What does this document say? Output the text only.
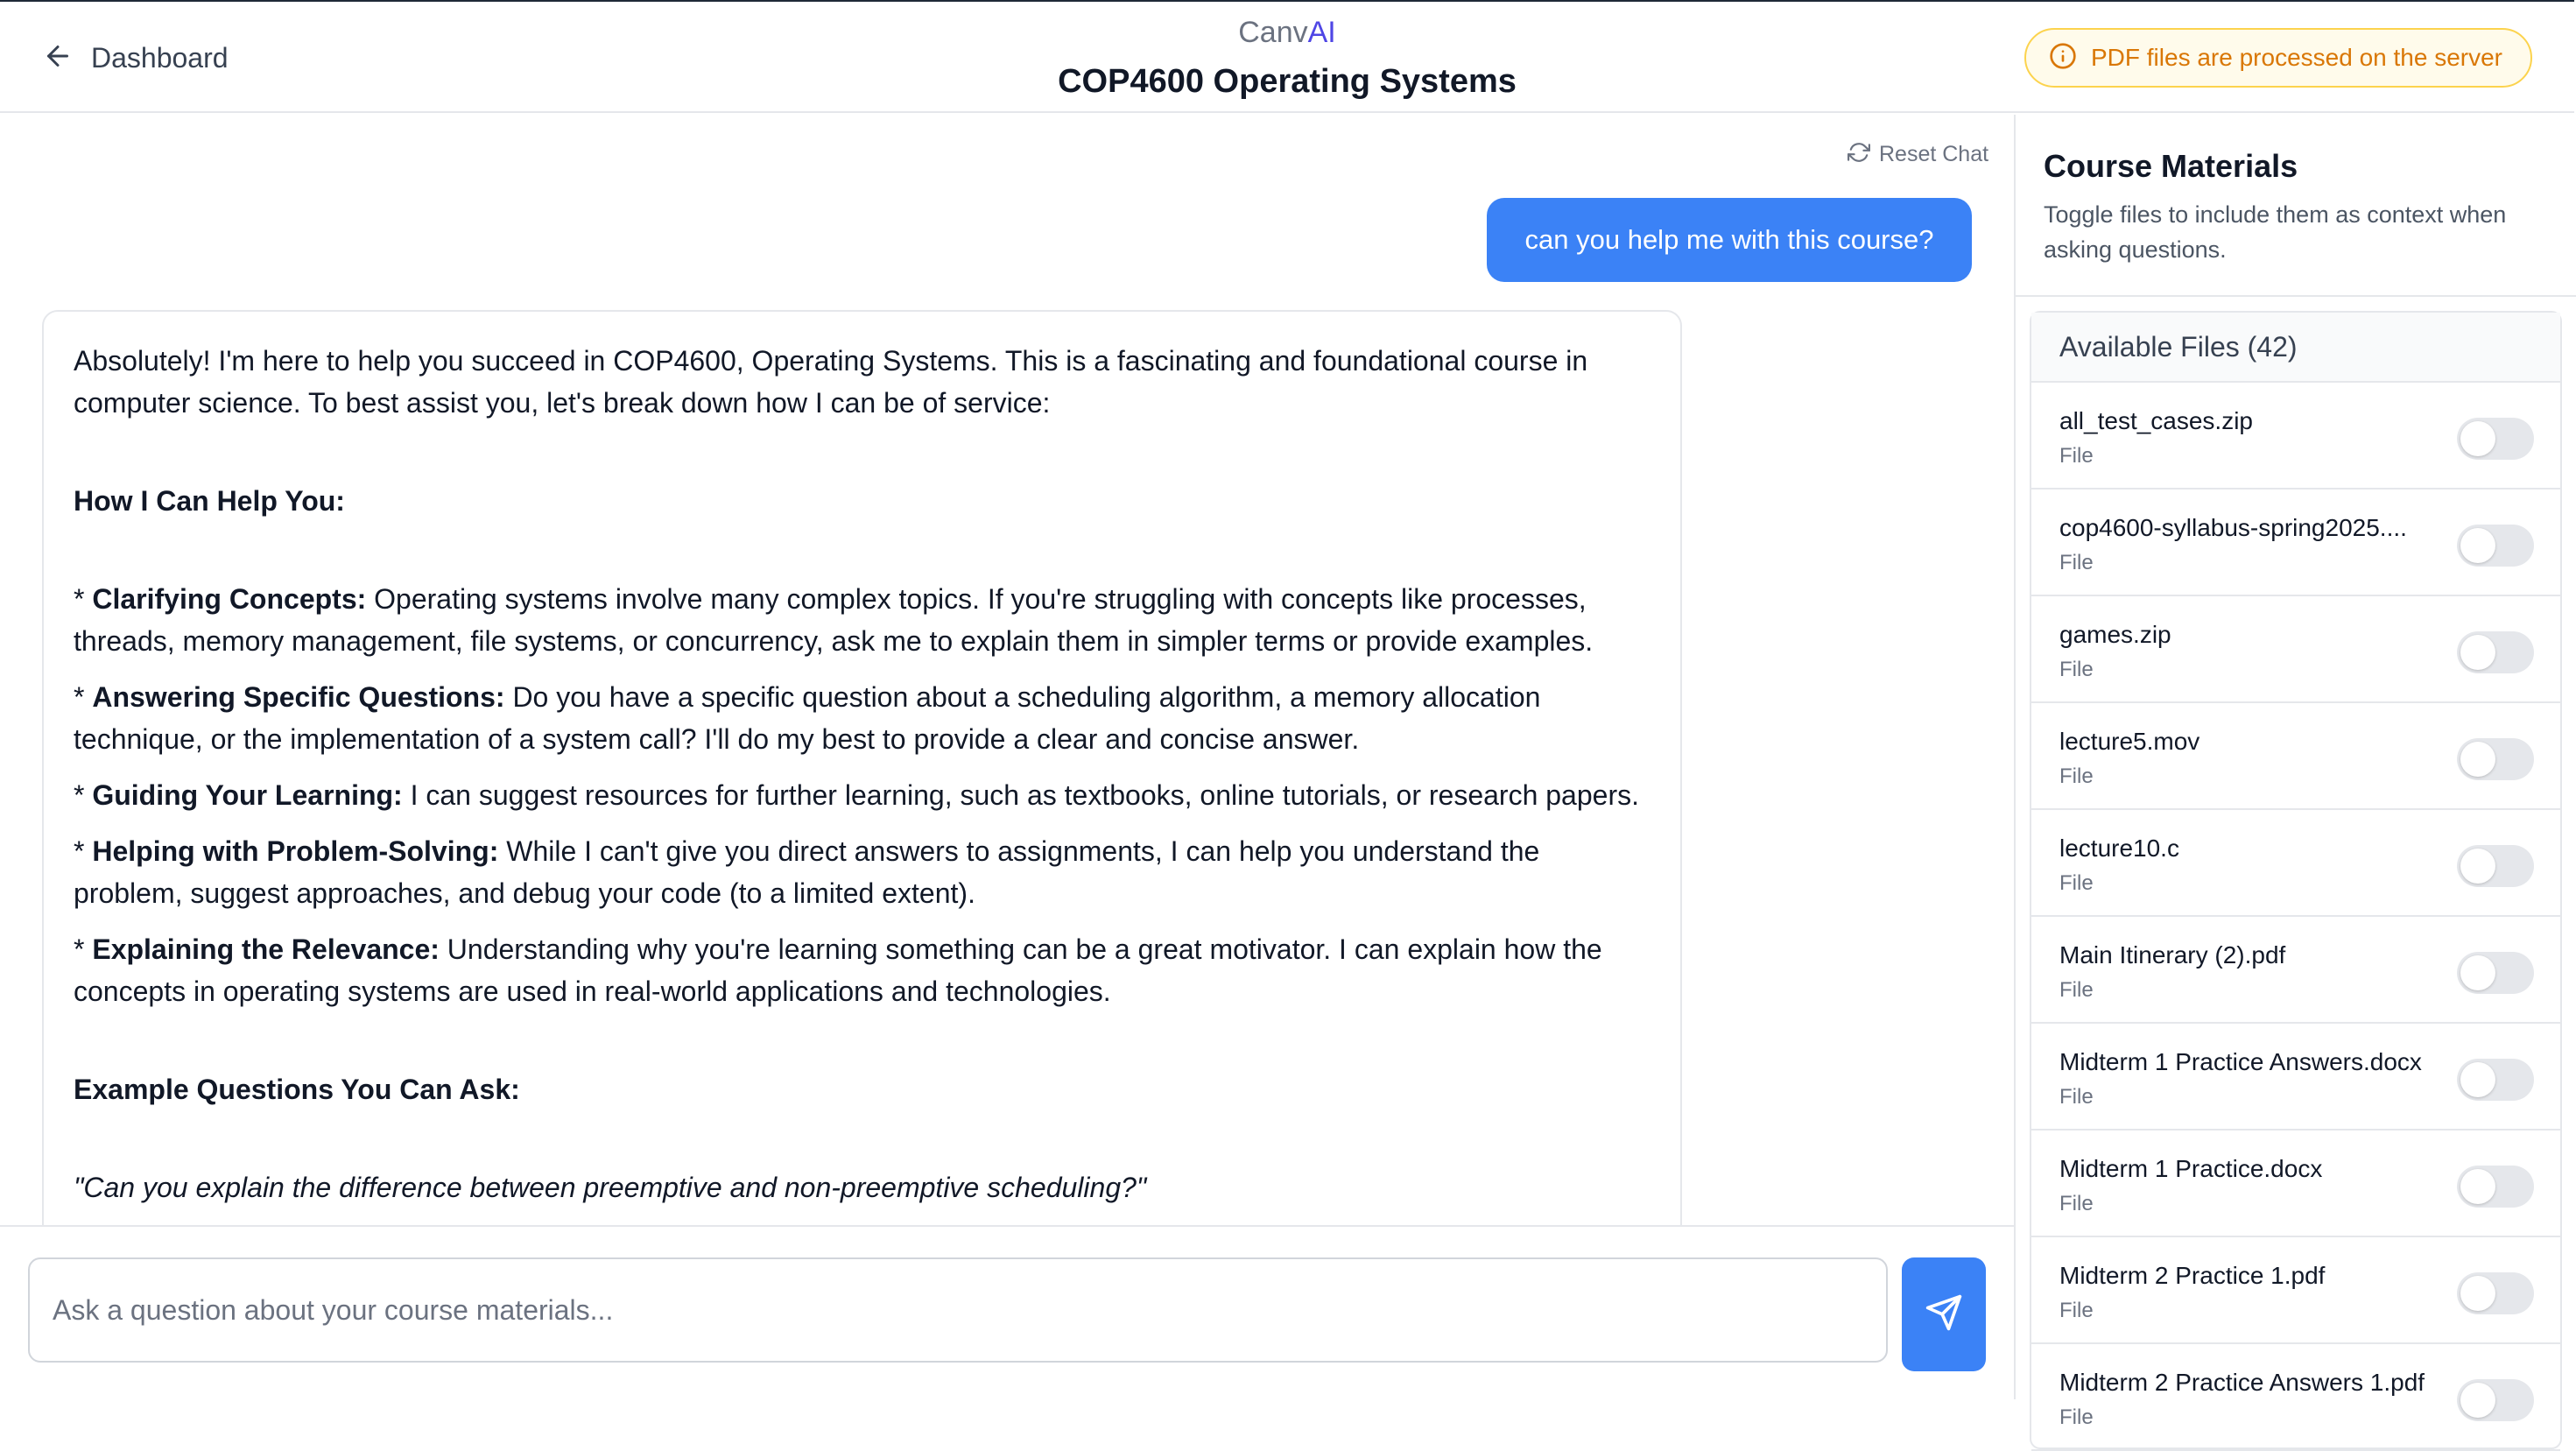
Dashboard
CanvAI
COP4600 Operating Systems
PDF files are processed on the server
Reset Chat
can you help me with this course?

Absolutely! I'm here to help you succeed in COP4600, Operating Systems. This is a fascinating and foundational course in computer science. To best assist you, let's break down how I can be of service:

How I Can Help You:

* Clarifying Concepts: Operating systems involve many complex topics. If you're struggling with concepts like processes, threads, memory management, file systems, or concurrency, ask me to explain them in simpler terms or provide examples.

* Answering Specific Questions: Do you have a specific question about a scheduling algorithm, a memory allocation technique, or the implementation of a system call? I'll do my best to provide a clear and concise answer.

* Guiding Your Learning: I can suggest resources for further learning, such as textbooks, online tutorials, or research papers.

* Helping with Problem-Solving: While I can't give you direct answers to assignments, I can help you understand the problem, suggest approaches, and debug your code (to a limited extent).

* Explaining the Relevance: Understanding why you're learning something can be a great motivator. I can explain how the concepts in operating systems are used in real-world applications and technologies.

Example Questions You Can Ask:

"Can you explain the difference between preemptive and non-preemptive scheduling?"

Ask a question about your course materials...
Course Materials
Toggle files to include them as context when asking questions.
Available Files (42)
all_test_cases.zip
File
cop4600-syllabus-spring2025....
File
games.zip
File
lecture5.mov
File
lecture10.c
File
Main Itinerary (2).pdf
File
Midterm 1 Practice Answers.docx
File
Midterm 1 Practice.docx
File
Midterm 2 Practice 1.pdf
File
Midterm 2 Practice Answers 1.pdf
File
